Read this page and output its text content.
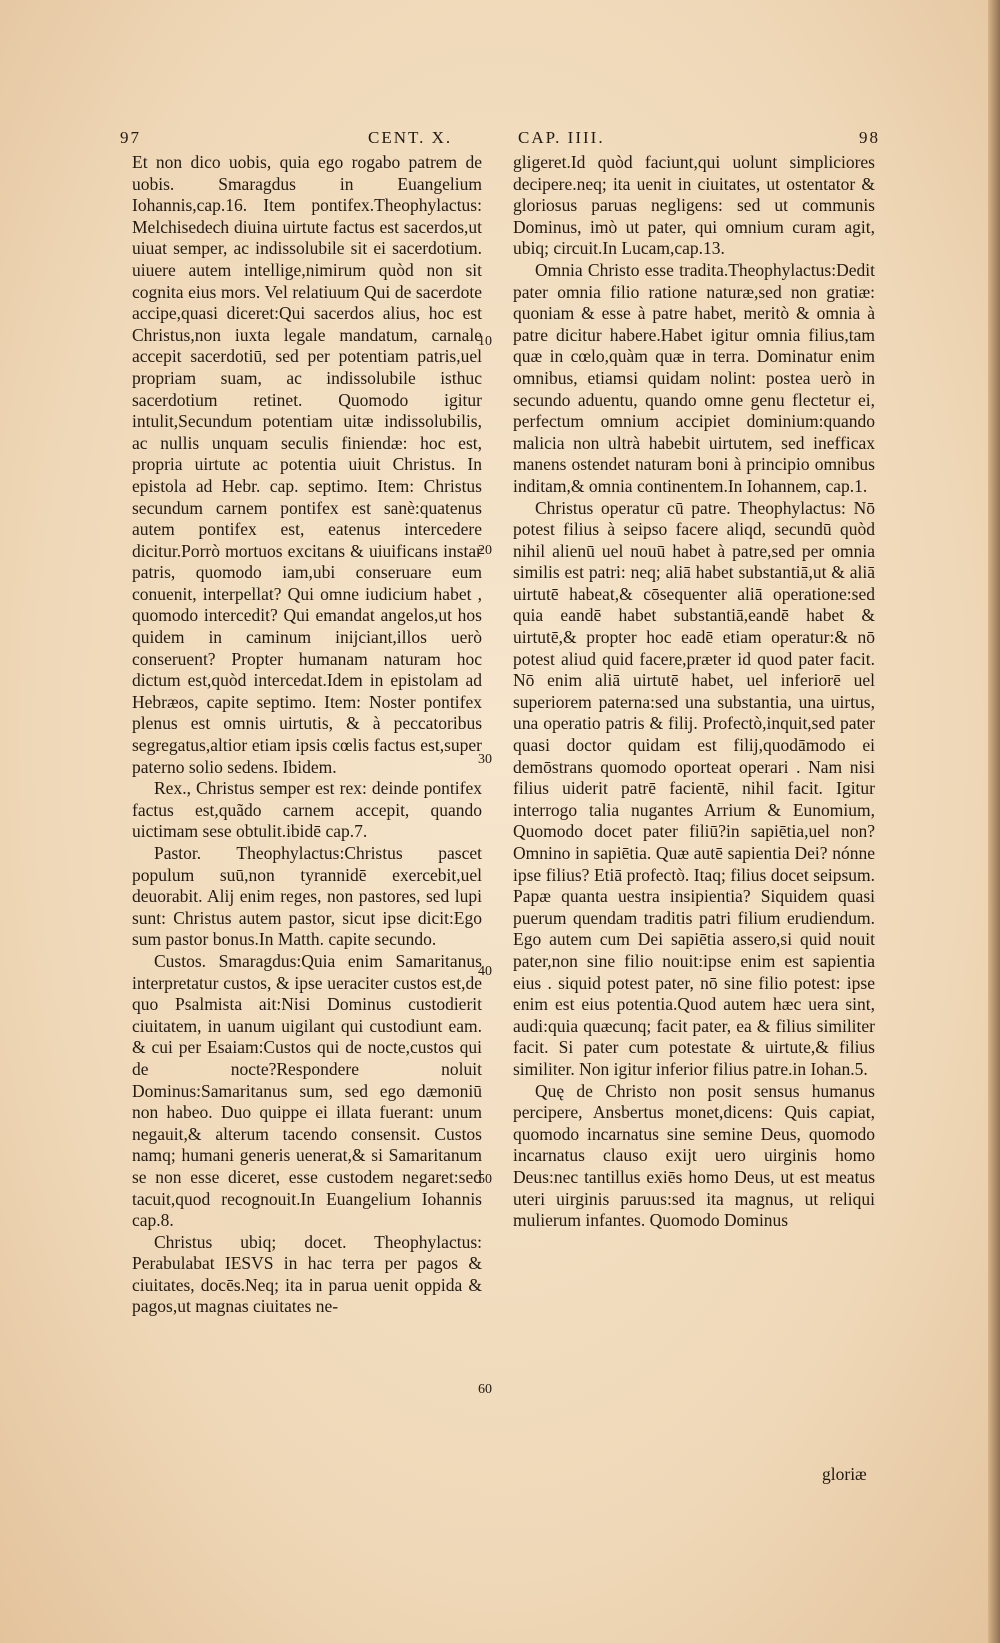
97	CENT. X.	CAP. IIII.	98

Et non dico uobis, quia ego rogabo patrem de uobis. Smaragdus in Euangelium Iohannis,cap.16. Item pontifex.Theophylactus: Melchisedech diuina uirtute factus est sacerdos,ut uiuat semper, ac indissolubile sit ei sacerdotium. uiuere autem intellige,nimirum quòd non sit cognita eius mors. Vel relatiuum Qui de sacerdote accipe,quasi diceret:Qui sacerdos alius, hoc est Christus,non iuxta legale mandatum, carnale accepit sacerdotiū, sed per potentiam patris,uel propriam suam, ac indissolubile isthuc sacerdotium retinet. Quomodo igitur intulit,Secundum potentiam uitæ indissolubilis, ac nullis unquam seculis finiendæ: hoc est, propria uirtute ac potentia uiuit Christus. In epistola ad Hebr. cap. septimo. Item: Christus secundum carnem pontifex est sanè:quatenus autem pontifex est, eatenus intercedere dicitur.Porrò mortuos excitans & uiuificans instar patris, quomodo iam,ubi conseruare eum conuenit, interpellat? Qui omne iudicium habet , quomodo intercedit? Qui emandat angelos,ut hos quidem in caminum inijciant,illos uerò conseruent? Propter humanam naturam hoc dictum est,quòd intercedat.Idem in epistolam ad Hebræos, capite septimo. Item: Noster pontifex plenus est omnis uirtutis, & à peccatoribus segregatus,altior etiam ipsis cœlis factus est,super paterno solio sedens. Ibidem.

Rex., Christus semper est rex: deinde pontifex factus est,quãdo carnem accepit, quando uictimam sese obtulit.ibidē cap.7.

Pastor. Theophylactus:Christus pascet populum suū,non tyrannidē exercebit,uel deuorabit. Alij enim reges, non pastores, sed lupi sunt: Christus autem pastor, sicut ipse dicit:Ego sum pastor bonus.In Matth. capite secundo.

Custos. Smaragdus:Quia enim Samaritanus interpretatur custos, & ipse ueraciter custos est,de quo Psalmista ait:Nisi Dominus custodierit ciuitatem, in uanum uigilant qui custodiunt eam. & cui per Esaiam:Custos qui de nocte,custos qui de nocte?Respondere noluit Dominus:Samaritanus sum, sed ego dæmoniū non habeo. Duo quippe ei illata fuerant: unum negauit,& alterum tacendo consensit. Custos namq; humani generis uenerat,& si Samaritanum se non esse diceret, esse custodem negaret:sed tacuit,quod recognouit.In Euangelium Iohannis cap.8.

Christus ubiq; docet. Theophylactus: Perabulabat IESVS in hac terra per pagos & ciuitates, docēs.Neq; ita in parua uenit oppida & pagos,ut magnas ciuitates ne-

gligeret.Id quòd faciunt,qui uolunt simpliciores decipere.neq; ita uenit in ciuitates, ut ostentator & gloriosus paruas negligens: sed ut communis Dominus, imò ut pater, qui omnium curam agit, ubiq; circuit.In Lucam,cap.13.

Omnia Christo esse tradita.Theophylactus:Dedit pater omnia filio ratione naturæ,sed non gratiæ: quoniam & esse à patre habet, meritò & omnia à patre dicitur habere.Habet igitur omnia filius,tam quæ in cœlo,quàm quæ in terra. Dominatur enim omnibus, etiamsi quidam nolint: postea uerò in secundo aduentu, quando omne genu flectetur ei, perfectum omnium accipiet dominium:quando malicia non ultrà habebit uirtutem, sed inefficax manens ostendet naturam boni à principio omnibus inditam,& omnia continentem.In Iohannem, cap.1.

Christus operatur cū patre. Theophylactus: Nō potest filius à seipso facere aliqd, secundū quòd nihil alienū uel nouū habet à patre,sed per omnia similis est patri: neq; aliā habet substantiā,ut & aliā uirtutē habeat,& cōsequenter aliā operatione:sed quia eandē habet substantiā,eandē habet & uirtutē,& propter hoc eadē etiam operatur:& nō potest aliud quid facere,præter id quod pater facit. Nō enim aliā uirtutē habet, uel inferiorē uel superiorem paterna:sed una substantia, una uirtus, una operatio patris & filij. Profectò,inquit,sed pater quasi doctor quidam est filij,quodāmodo ei demōstrans quomodo oporteat operari . Nam nisi filius uiderit patrē facientē, nihil facit. Igitur interrogo talia nugantes Arrium & Eunomium, Quomodo docet pater filiū?in sapiētia,uel non?Omnino in sapiētia. Quæ autē sapientia Dei? nónne ipse filius? Etiā profectò. Itaq; filius docet seipsum. Papæ quanta uestra insipientia? Siquidem quasi puerum quendam traditis patri filium erudiendum. Ego autem cum Dei sapiētia assero,si quid nouit pater,non sine filio nouit:ipse enim est sapientia eius . siquid potest pater, nō sine filio potest: ipse enim est eius potentia.Quod autem hæc uera sint, audi:quia quæcunq; facit pater, ea & filius similiter facit. Si pater cum potestate & uirtute,& filius similiter. Non igitur inferior filius patre.in Iohan.5.

Quę de Christo non posit sensus humanus percipere, Ansbertus monet,dicens: Quis capiat, quomodo incarnatus sine semine Deus, quomodo incarnatus clauso exijt uero uirginis homo Deus:nec tantillus exiēs homo Deus, ut est meatus uteri uirginis paruus:sed ita magnus, ut reliqui mulierum infantes. Quomodo Dominus

10
20
30
40
50
60
gloriæ
